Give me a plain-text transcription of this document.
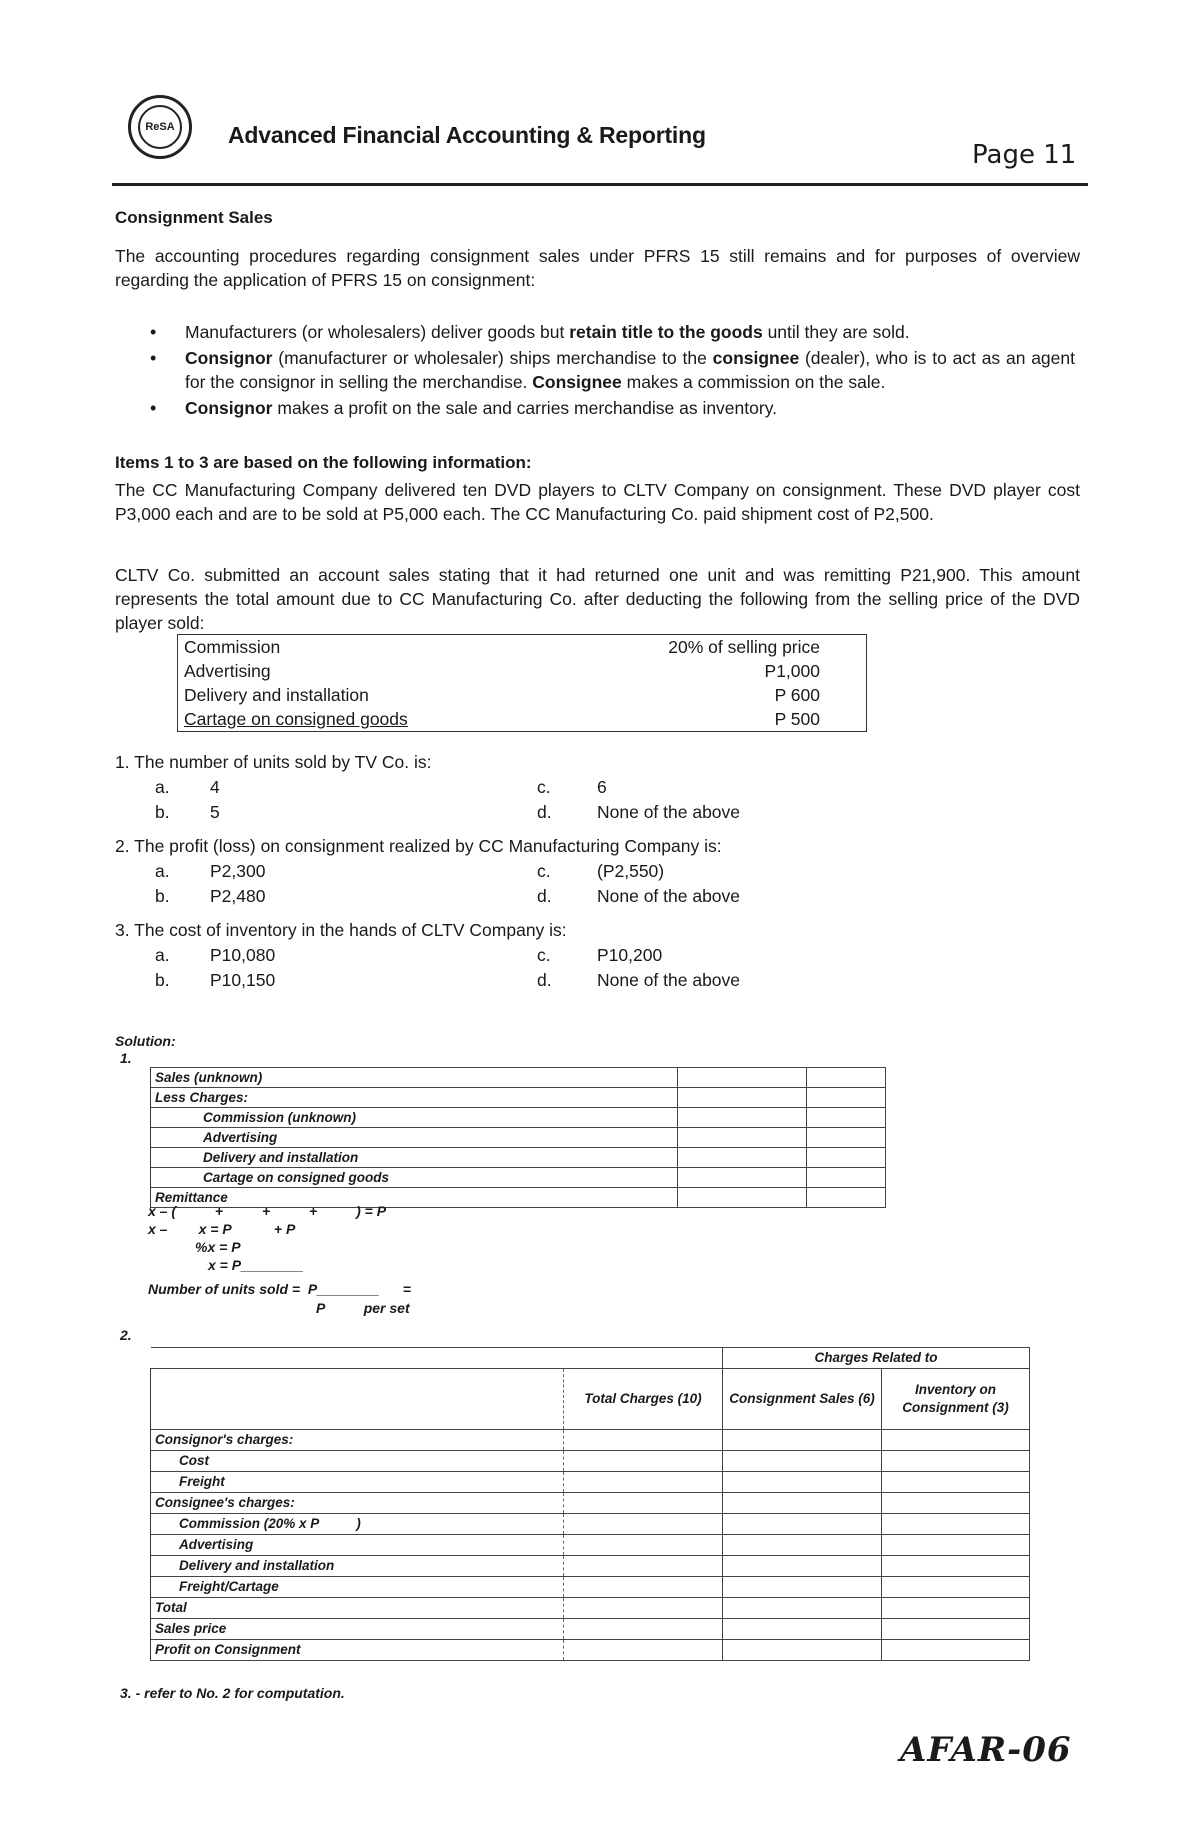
ReSA	Advanced Financial Accounting & Reporting
Page 11
Consignment Sales
The accounting procedures regarding consignment sales under PFRS 15 still remains and for purposes of overview regarding the application of PFRS 15 on consignment:
• Manufacturers (or wholesalers) deliver goods but retain title to the goods until they are sold.
• Consignor (manufacturer or wholesaler) ships merchandise to the consignee (dealer), who is to act as an agent for the consignor in selling the merchandise. Consignee makes a commission on the sale.
• Consignor makes a profit on the sale and carries merchandise as inventory.
Items 1 to 3 are based on the following information:
The CC Manufacturing Company delivered ten DVD players to CLTV Company on consignment. These DVD player cost P3,000 each and are to be sold at P5,000 each. The CC Manufacturing Co. paid shipment cost of P2,500.
CLTV Co. submitted an account sales stating that it had returned one unit and was remitting P21,900. This amount represents the total amount due to CC Manufacturing Co. after deducting the following from the selling price of the DVD player sold:
Commission	20% of selling price
Advertising	P1,000
Delivery and installation	P 600
Cartage on consigned goods	P 500
1. The number of units sold by TV Co. is:
a. 4	c.	6
b. 5	d.	None of the above
2. The profit (loss) on consignment realized by CC Manufacturing Company is:
a. P2,300	c.	(P2,550)
b. P2,480	d.	None of the above
3. The cost of inventory in the hands of CLTV Company is:
a. P10,080	c.	P10,200
b. P10,150	d.	None of the above
Solution:
1.
Sales (unknown)		
Less Charges:		
Commission (unknown)		
Advertising		
Delivery and installation		
Cartage on consigned goods		
Remittance		
x – (          +          +          +          ) = P
x –        x = P           + P
%x = P
x = P________
Number of units sold =  P________      =
P          per set
2.
		Charges Related to	
	Total Charges (10)	Consignment Sales (6)	Inventory on Consignment (3)
Consignor's charges:			
Cost			
Freight			
Consignee's charges:			
Commission (20% x P          )			
Advertising			
Delivery and installation			
Freight/Cartage			
Total			
Sales price			
Profit on Consignment			
3. - refer to No. 2 for computation.
AFAR-06
